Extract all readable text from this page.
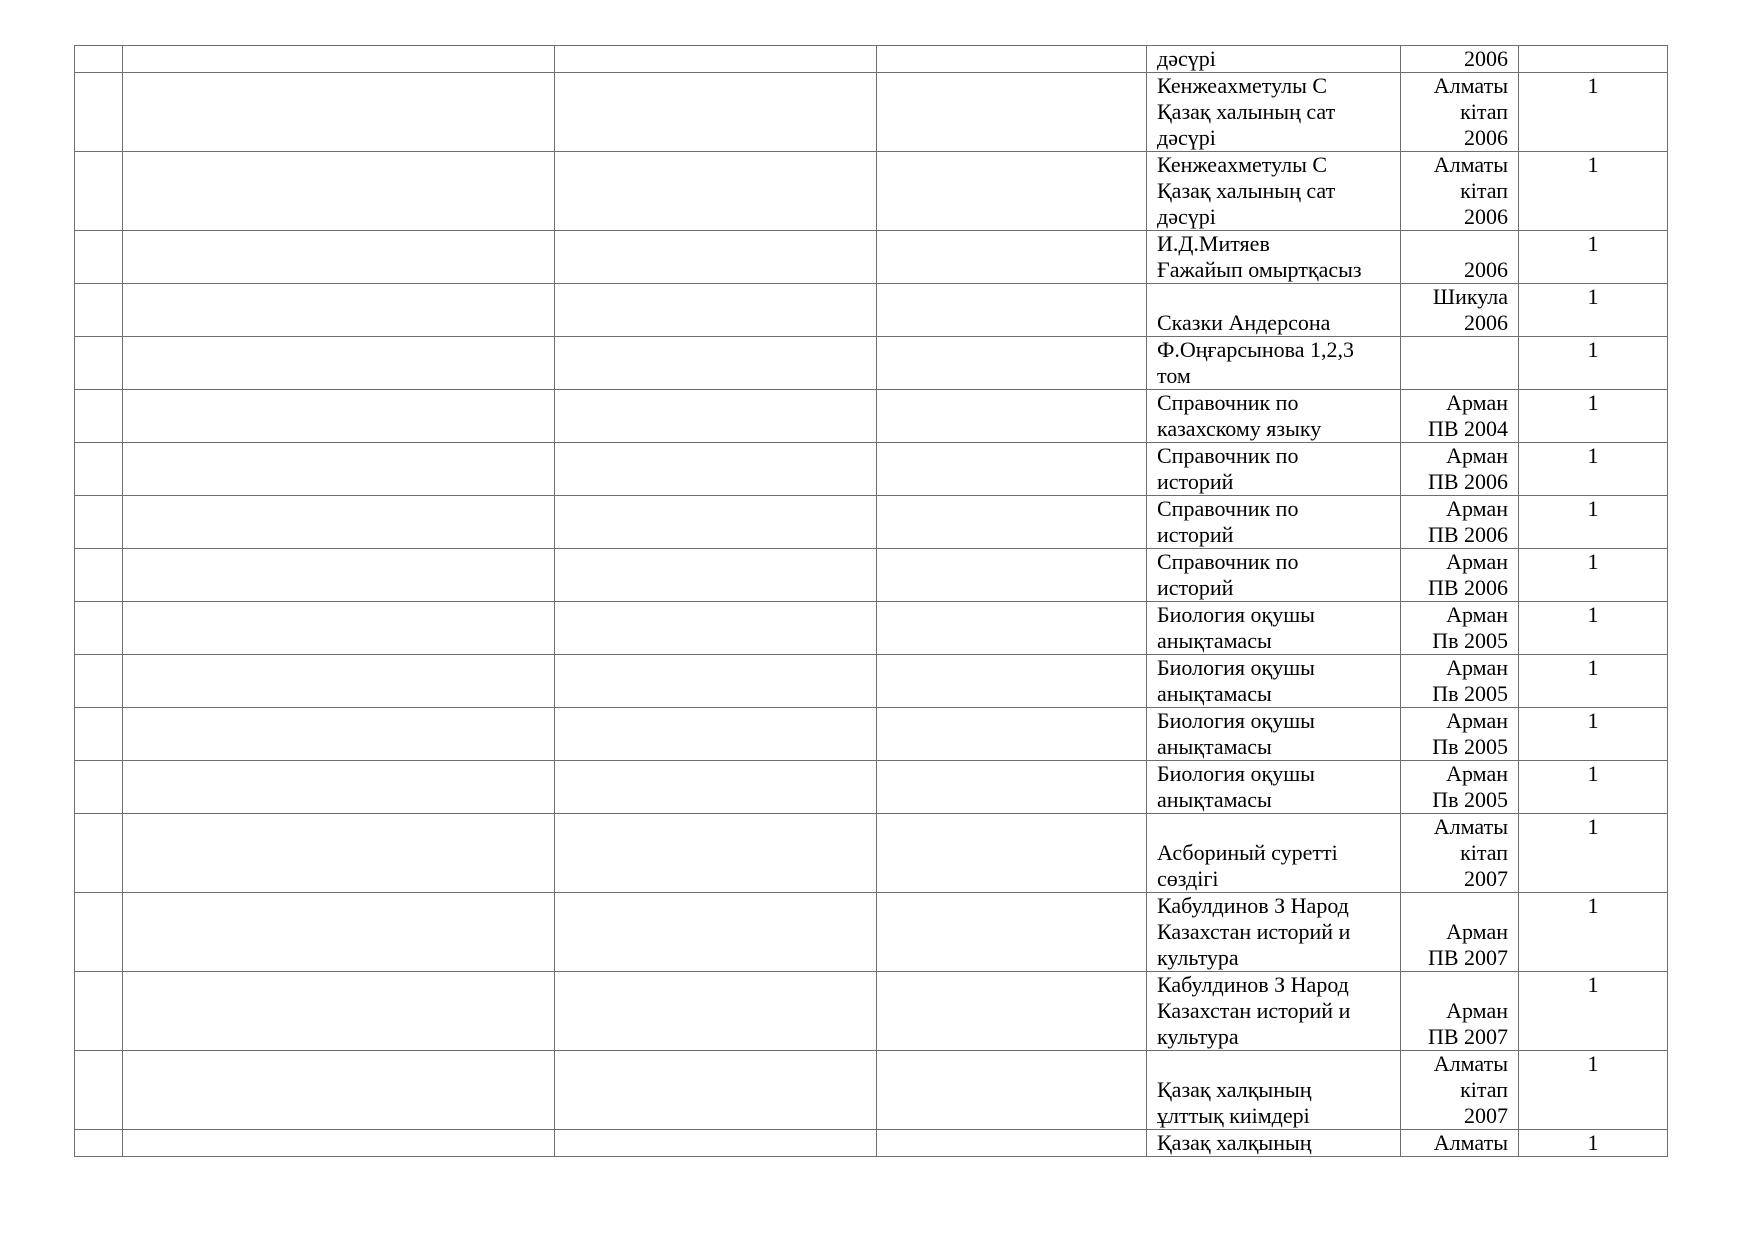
				дәсүрі	2006	
				Кенжеахметулы С
Қазақ халының сат
дәсүрі	Алматы
кітап
2006	1
				Кенжеахметулы С
Қазақ халының сат
дәсүрі	Алматы
кітап
2006	1
				И.Д.Митяев
Ғажайып омыртқасыз	2006	1
				Сказки Андерсона	Шикула
2006	1
				Ф.Оңғарсынова 1,2,3
том		1
				Справочник по
казахскому языку	Арман
ПВ 2004	1
				Справочник по
историй	Арман
ПВ 2006	1
				Справочник по
историй	Арман
ПВ 2006	1
				Справочник по
историй	Арман
ПВ 2006	1
				Биология оқушы
анықтамасы	Арман
Пв 2005	1
				Биология оқушы
анықтамасы	Арман
Пв 2005	1
				Биология оқушы
анықтамасы	Арман
Пв 2005	1
				Биология оқушы
анықтамасы	Арман
Пв 2005	1
				Асбориный суретті
сөздігі	Алматы
кітап
2007	1
				Кабулдинов З Народ
Казахстан историй и
культура	Арман
ПВ 2007	1
				Кабулдинов З Народ
Казахстан историй и
культура	Арман
ПВ 2007	1
				Қазақ халқының
ұлттық киімдері	Алматы
кітап
2007	1
				Қазақ халқының	Алматы	1
